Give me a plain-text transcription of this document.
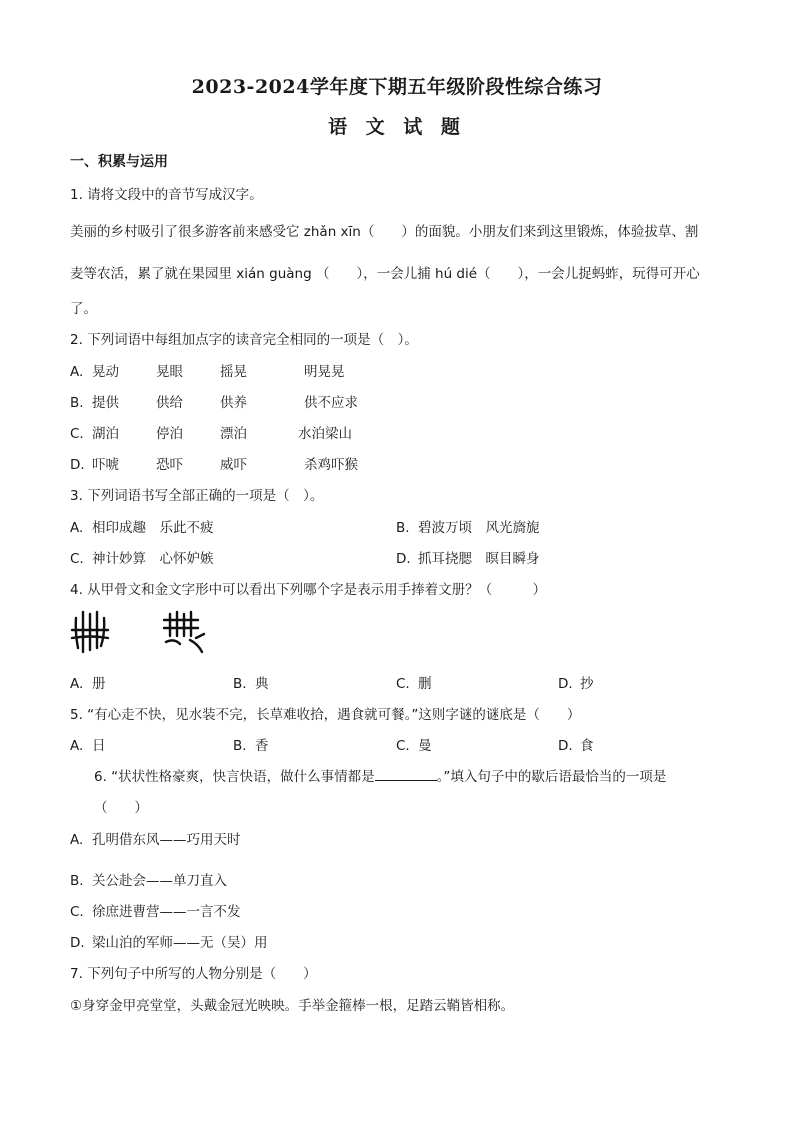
2023-2024学年度下期五年级阶段性综合练习
语 文 试 题
一、积累与运用
1. 请将文段中的音节写成汉字。
美丽的乡村吸引了很多游客前来感受它 zhǎn xīn（　　）的面貌。小朋友们来到这里锻炼，体验拔草、割
麦等农活，累了就在果园里 xián guàng （　　），一会儿捕 hú dié（　　），一会儿捉蚂蚱，玩得可开心
了。
2. 下列词语中每组加点字的读音完全相同的一项是（　）。
A. 晃动	晃眼	摇晃	明晃晃
B. 提供	供给	供养	供不应求
C. 湖泊	停泊	漂泊	水泊梁山
D. 吓唬	恐吓	威吓	杀鸡吓猴
3. 下列词语书写全部正确的一项是（　）。
A. 相印成趣　乐此不疲	B. 碧波万顷　风光旖旎
C. 神计妙算　心怀妒嫉	D. 抓耳挠腮　暝目瞬身
4. 从甲骨文和金文字形中可以看出下列哪个字是表示用手捧着文册？（　　　）
A. 册	B. 典	C. 删	D. 抄
5. “有心走不快，见水装不完，长草难收拾，遇食就可餐。”这则字谜的谜底是（　　）
A. 日	B. 香	C. 曼	D. 食
6. “状状性格豪爽，快言快语，做什么事情都是	。”填入句子中的歇后语最恰当的一项是
（　　）
A. 孔明借东风——巧用天时
B. 关公赴会——单刀直入
C. 徐庶进曹营——一言不发
D. 梁山泊的军师——无（吴）用
7. 下列句子中所写的人物分别是（　　）
①身穿金甲亮堂堂，头戴金冠光映映。手举金箍棒一根，足踏云鞘皆相称。
